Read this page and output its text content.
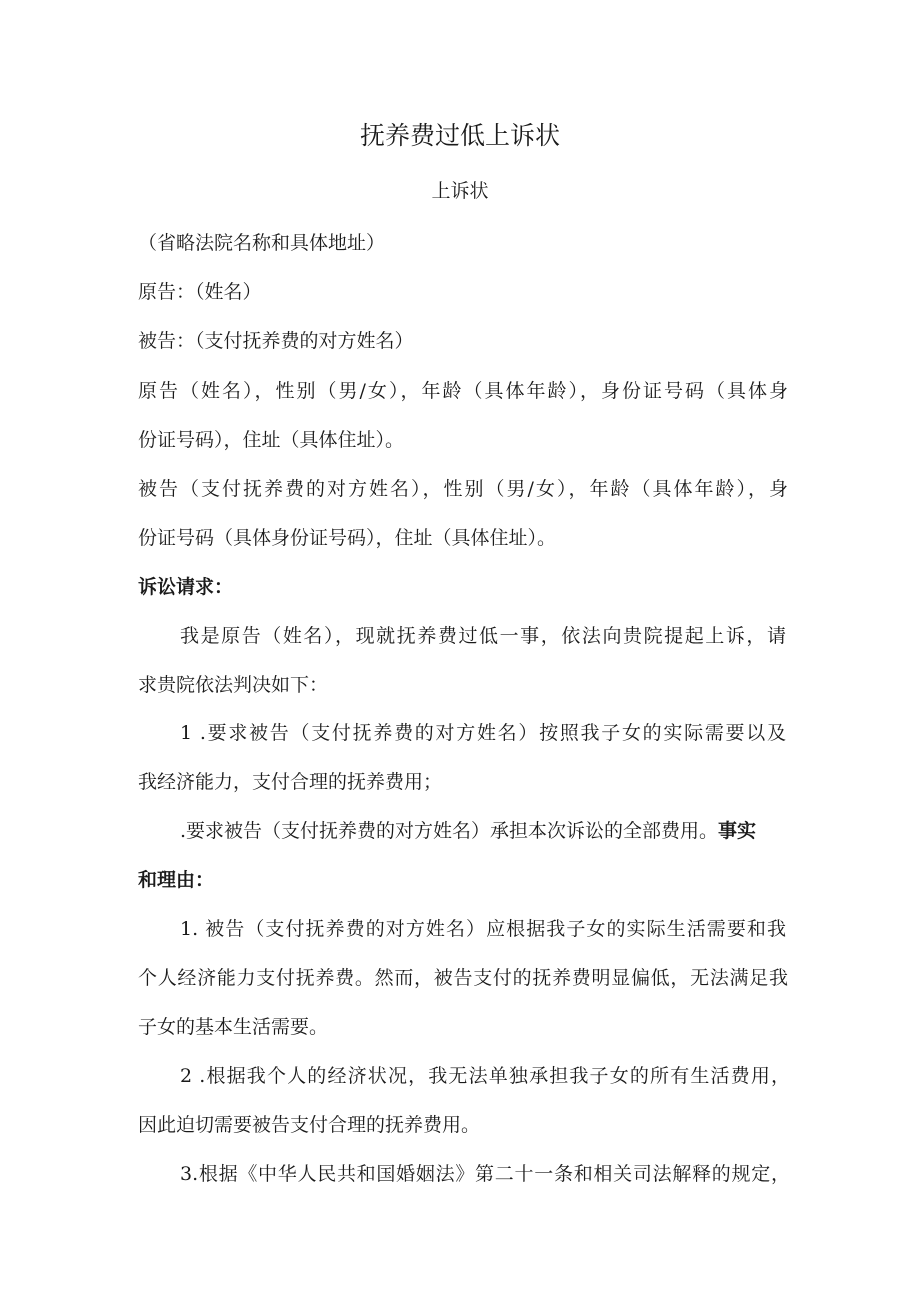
抚养费过低上诉状
上诉状
（省略法院名称和具体地址）
原告：（姓名）
被告：（支付抚养费的对方姓名）
原告（姓名），性别（男/女），年龄（具体年龄），身份证号码（具体身
份证号码），住址（具体住址）。
被告（支付抚养费的对方姓名），性别（男/女），年龄（具体年龄），身
份证号码（具体身份证号码），住址（具体住址）。
诉讼请求：
我是原告（姓名），现就抚养费过低一事，依法向贵院提起上诉，请
求贵院依法判决如下：
1 .要求被告（支付抚养费的对方姓名）按照我子女的实际需要以及
我经济能力，支付合理的抚养费用；
.要求被告（支付抚养费的对方姓名）承担本次诉讼的全部费用。事实
和理由：
1. 被告（支付抚养费的对方姓名）应根据我子女的实际生活需要和我
个人经济能力支付抚养费。然而，被告支付的抚养费明显偏低，无法满足我
子女的基本生活需要。
2 .根据我个人的经济状况，我无法单独承担我子女的所有生活费用，
因此迫切需要被告支付合理的抚养费用。
3.根据《中华人民共和国婚姻法》第二十一条和相关司法解释的规定，
